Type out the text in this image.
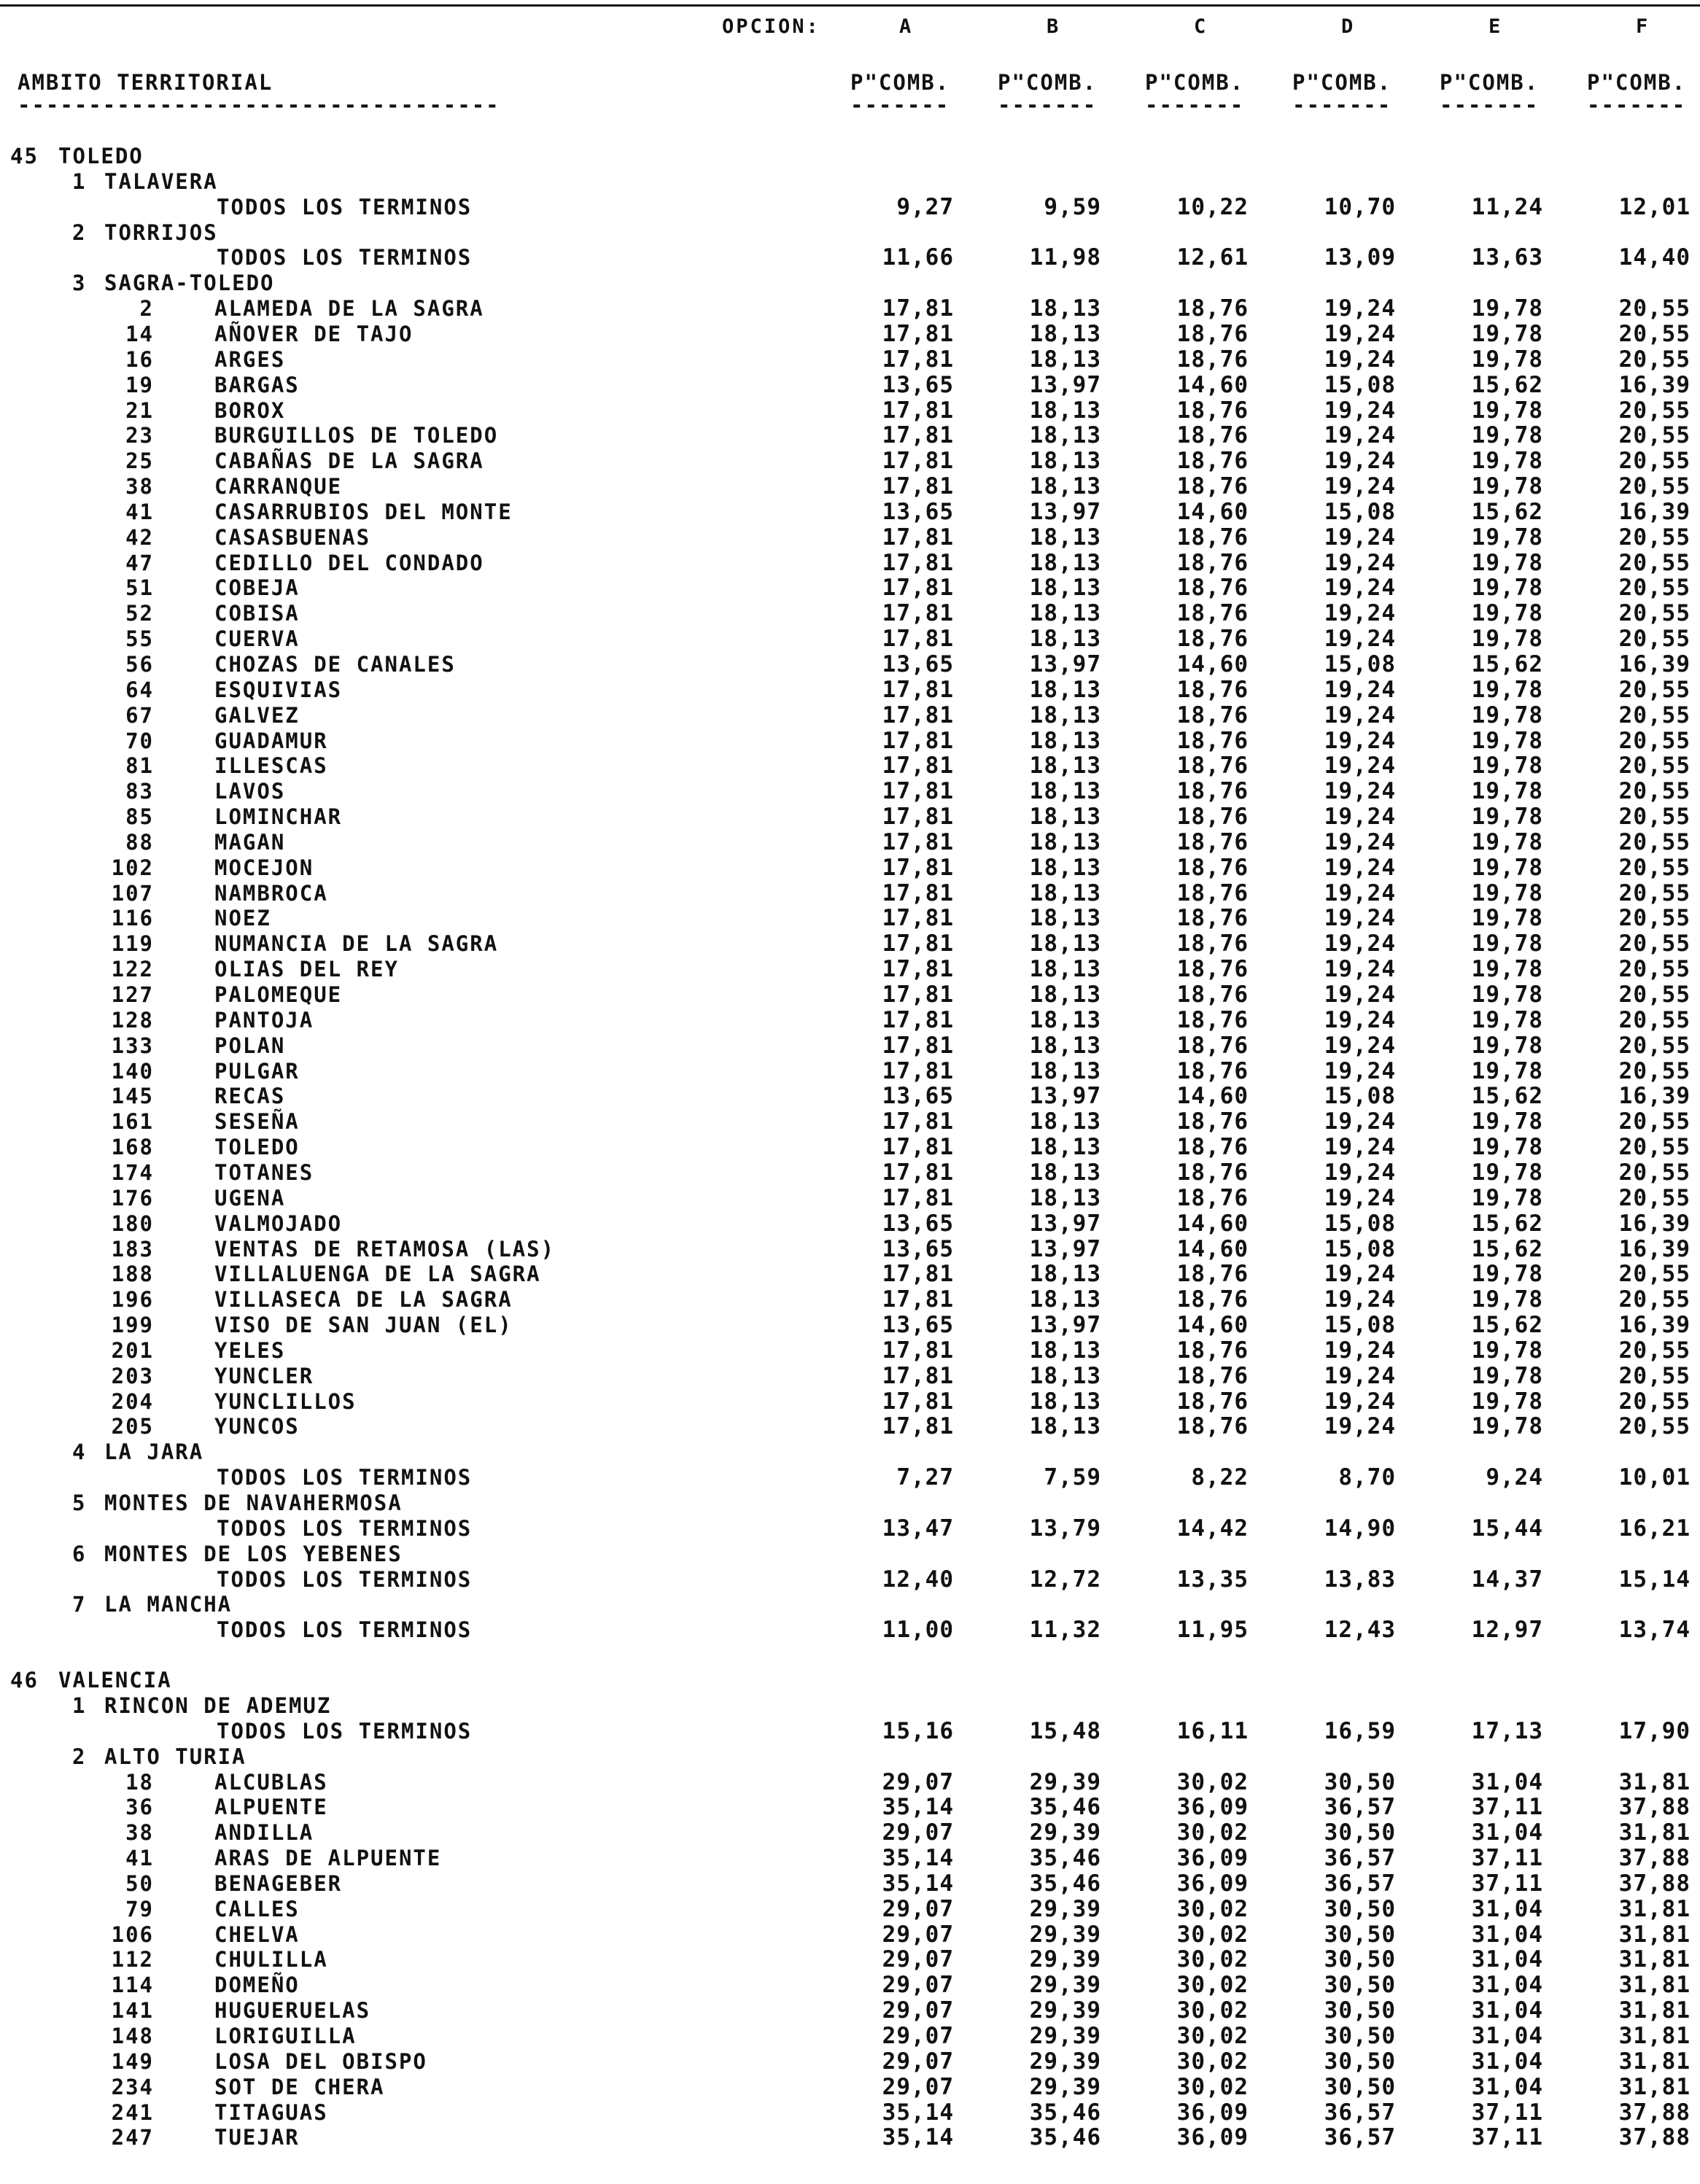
OPCION:	A	B	C	D	E	F
AMBITO TERRITORIAL
----------------------------------
P"COMB. P"COMB. P"COMB. P"COMB. P"COMB. P"COMB.
------- ------- ------- ------- ------- -------
45 TOLEDO
1 TALAVERA
TODOS LOS TERMINOS	9,27	9,59	10,22	10,70	11,24	12,01
2 TORRIJOS
TODOS LOS TERMINOS	11,66	11,98	12,61	13,09	13,63	14,40
3 SAGRA-TOLEDO
2	ALAMEDA DE LA SAGRA	17,81	18,13	18,76	19,24	19,78	20,55
14	AÑOVER DE TAJO	17,81	18,13	18,76	19,24	19,78	20,55
16	ARGES	17,81	18,13	18,76	19,24	19,78	20,55
19	BARGAS	13,65	13,97	14,60	15,08	15,62	16,39
21	BOROX	17,81	18,13	18,76	19,24	19,78	20,55
23	BURGUILLOS DE TOLEDO	17,81	18,13	18,76	19,24	19,78	20,55
25	CABAÑAS DE LA SAGRA	17,81	18,13	18,76	19,24	19,78	20,55
38	CARRANQUE	17,81	18,13	18,76	19,24	19,78	20,55
41	CASARRUBIOS DEL MONTE	13,65	13,97	14,60	15,08	15,62	16,39
42	CASASBUENAS	17,81	18,13	18,76	19,24	19,78	20,55
47	CEDILLO DEL CONDADO	17,81	18,13	18,76	19,24	19,78	20,55
51	COBEJA	17,81	18,13	18,76	19,24	19,78	20,55
52	COBISA	17,81	18,13	18,76	19,24	19,78	20,55
55	CUERVA	17,81	18,13	18,76	19,24	19,78	20,55
56	CHOZAS DE CANALES	13,65	13,97	14,60	15,08	15,62	16,39
64	ESQUIVIAS	17,81	18,13	18,76	19,24	19,78	20,55
67	GALVEZ	17,81	18,13	18,76	19,24	19,78	20,55
70	GUADAMUR	17,81	18,13	18,76	19,24	19,78	20,55
81	ILLESCAS	17,81	18,13	18,76	19,24	19,78	20,55
83	LAVOS	17,81	18,13	18,76	19,24	19,78	20,55
85	LOMINCHAR	17,81	18,13	18,76	19,24	19,78	20,55
88	MAGAN	17,81	18,13	18,76	19,24	19,78	20,55
102	MOCEJON	17,81	18,13	18,76	19,24	19,78	20,55
107	NAMBROCA	17,81	18,13	18,76	19,24	19,78	20,55
116	NOEZ	17,81	18,13	18,76	19,24	19,78	20,55
119	NUMANCIA DE LA SAGRA	17,81	18,13	18,76	19,24	19,78	20,55
122	OLIAS DEL REY	17,81	18,13	18,76	19,24	19,78	20,55
127	PALOMEQUE	17,81	18,13	18,76	19,24	19,78	20,55
128	PANTOJA	17,81	18,13	18,76	19,24	19,78	20,55
133	POLAN	17,81	18,13	18,76	19,24	19,78	20,55
140	PULGAR	17,81	18,13	18,76	19,24	19,78	20,55
145	RECAS	13,65	13,97	14,60	15,08	15,62	16,39
161	SESEÑA	17,81	18,13	18,76	19,24	19,78	20,55
168	TOLEDO	17,81	18,13	18,76	19,24	19,78	20,55
174	TOTANES	17,81	18,13	18,76	19,24	19,78	20,55
176	UGENA	17,81	18,13	18,76	19,24	19,78	20,55
180	VALMOJADO	13,65	13,97	14,60	15,08	15,62	16,39
183	VENTAS DE RETAMOSA (LAS)	13,65	13,97	14,60	15,08	15,62	16,39
188	VILLALUENGA DE LA SAGRA	17,81	18,13	18,76	19,24	19,78	20,55
196	VILLASECA DE LA SAGRA	17,81	18,13	18,76	19,24	19,78	20,55
199	VISO DE SAN JUAN (EL)	13,65	13,97	14,60	15,08	15,62	16,39
201	YELES	17,81	18,13	18,76	19,24	19,78	20,55
203	YUNCLER	17,81	18,13	18,76	19,24	19,78	20,55
204	YUNCLILLOS	17,81	18,13	18,76	19,24	19,78	20,55
205	YUNCOS	17,81	18,13	18,76	19,24	19,78	20,55
4 LA JARA
TODOS LOS TERMINOS	7,27	7,59	8,22	8,70	9,24	10,01
5 MONTES DE NAVAHERMOSA
TODOS LOS TERMINOS	13,47	13,79	14,42	14,90	15,44	16,21
6 MONTES DE LOS YEBENES
TODOS LOS TERMINOS	12,40	12,72	13,35	13,83	14,37	15,14
7 LA MANCHA
TODOS LOS TERMINOS	11,00	11,32	11,95	12,43	12,97	13,74
46 VALENCIA
1 RINCON DE ADEMUZ
TODOS LOS TERMINOS	15,16	15,48	16,11	16,59	17,13	17,90
2 ALTO TURIA
18	ALCUBLAS	29,07	29,39	30,02	30,50	31,04	31,81
36	ALPUENTE	35,14	35,46	36,09	36,57	37,11	37,88
38	ANDILLA	29,07	29,39	30,02	30,50	31,04	31,81
41	ARAS DE ALPUENTE	35,14	35,46	36,09	36,57	37,11	37,88
50	BENAGEBER	35,14	35,46	36,09	36,57	37,11	37,88
79	CALLES	29,07	29,39	30,02	30,50	31,04	31,81
106	CHELVA	29,07	29,39	30,02	30,50	31,04	31,81
112	CHULILLA	29,07	29,39	30,02	30,50	31,04	31,81
114	DOMEÑO	29,07	29,39	30,02	30,50	31,04	31,81
141	HUGUERUELAS	29,07	29,39	30,02	30,50	31,04	31,81
148	LORIGUILLA	29,07	29,39	30,02	30,50	31,04	31,81
149	LOSA DEL OBISPO	29,07	29,39	30,02	30,50	31,04	31,81
234	SOT DE CHERA	29,07	29,39	30,02	30,50	31,04	31,81
241	TITAGUAS	35,14	35,46	36,09	36,57	37,11	37,88
247	TUEJAR	35,14	35,46	36,09	36,57	37,11	37,88
